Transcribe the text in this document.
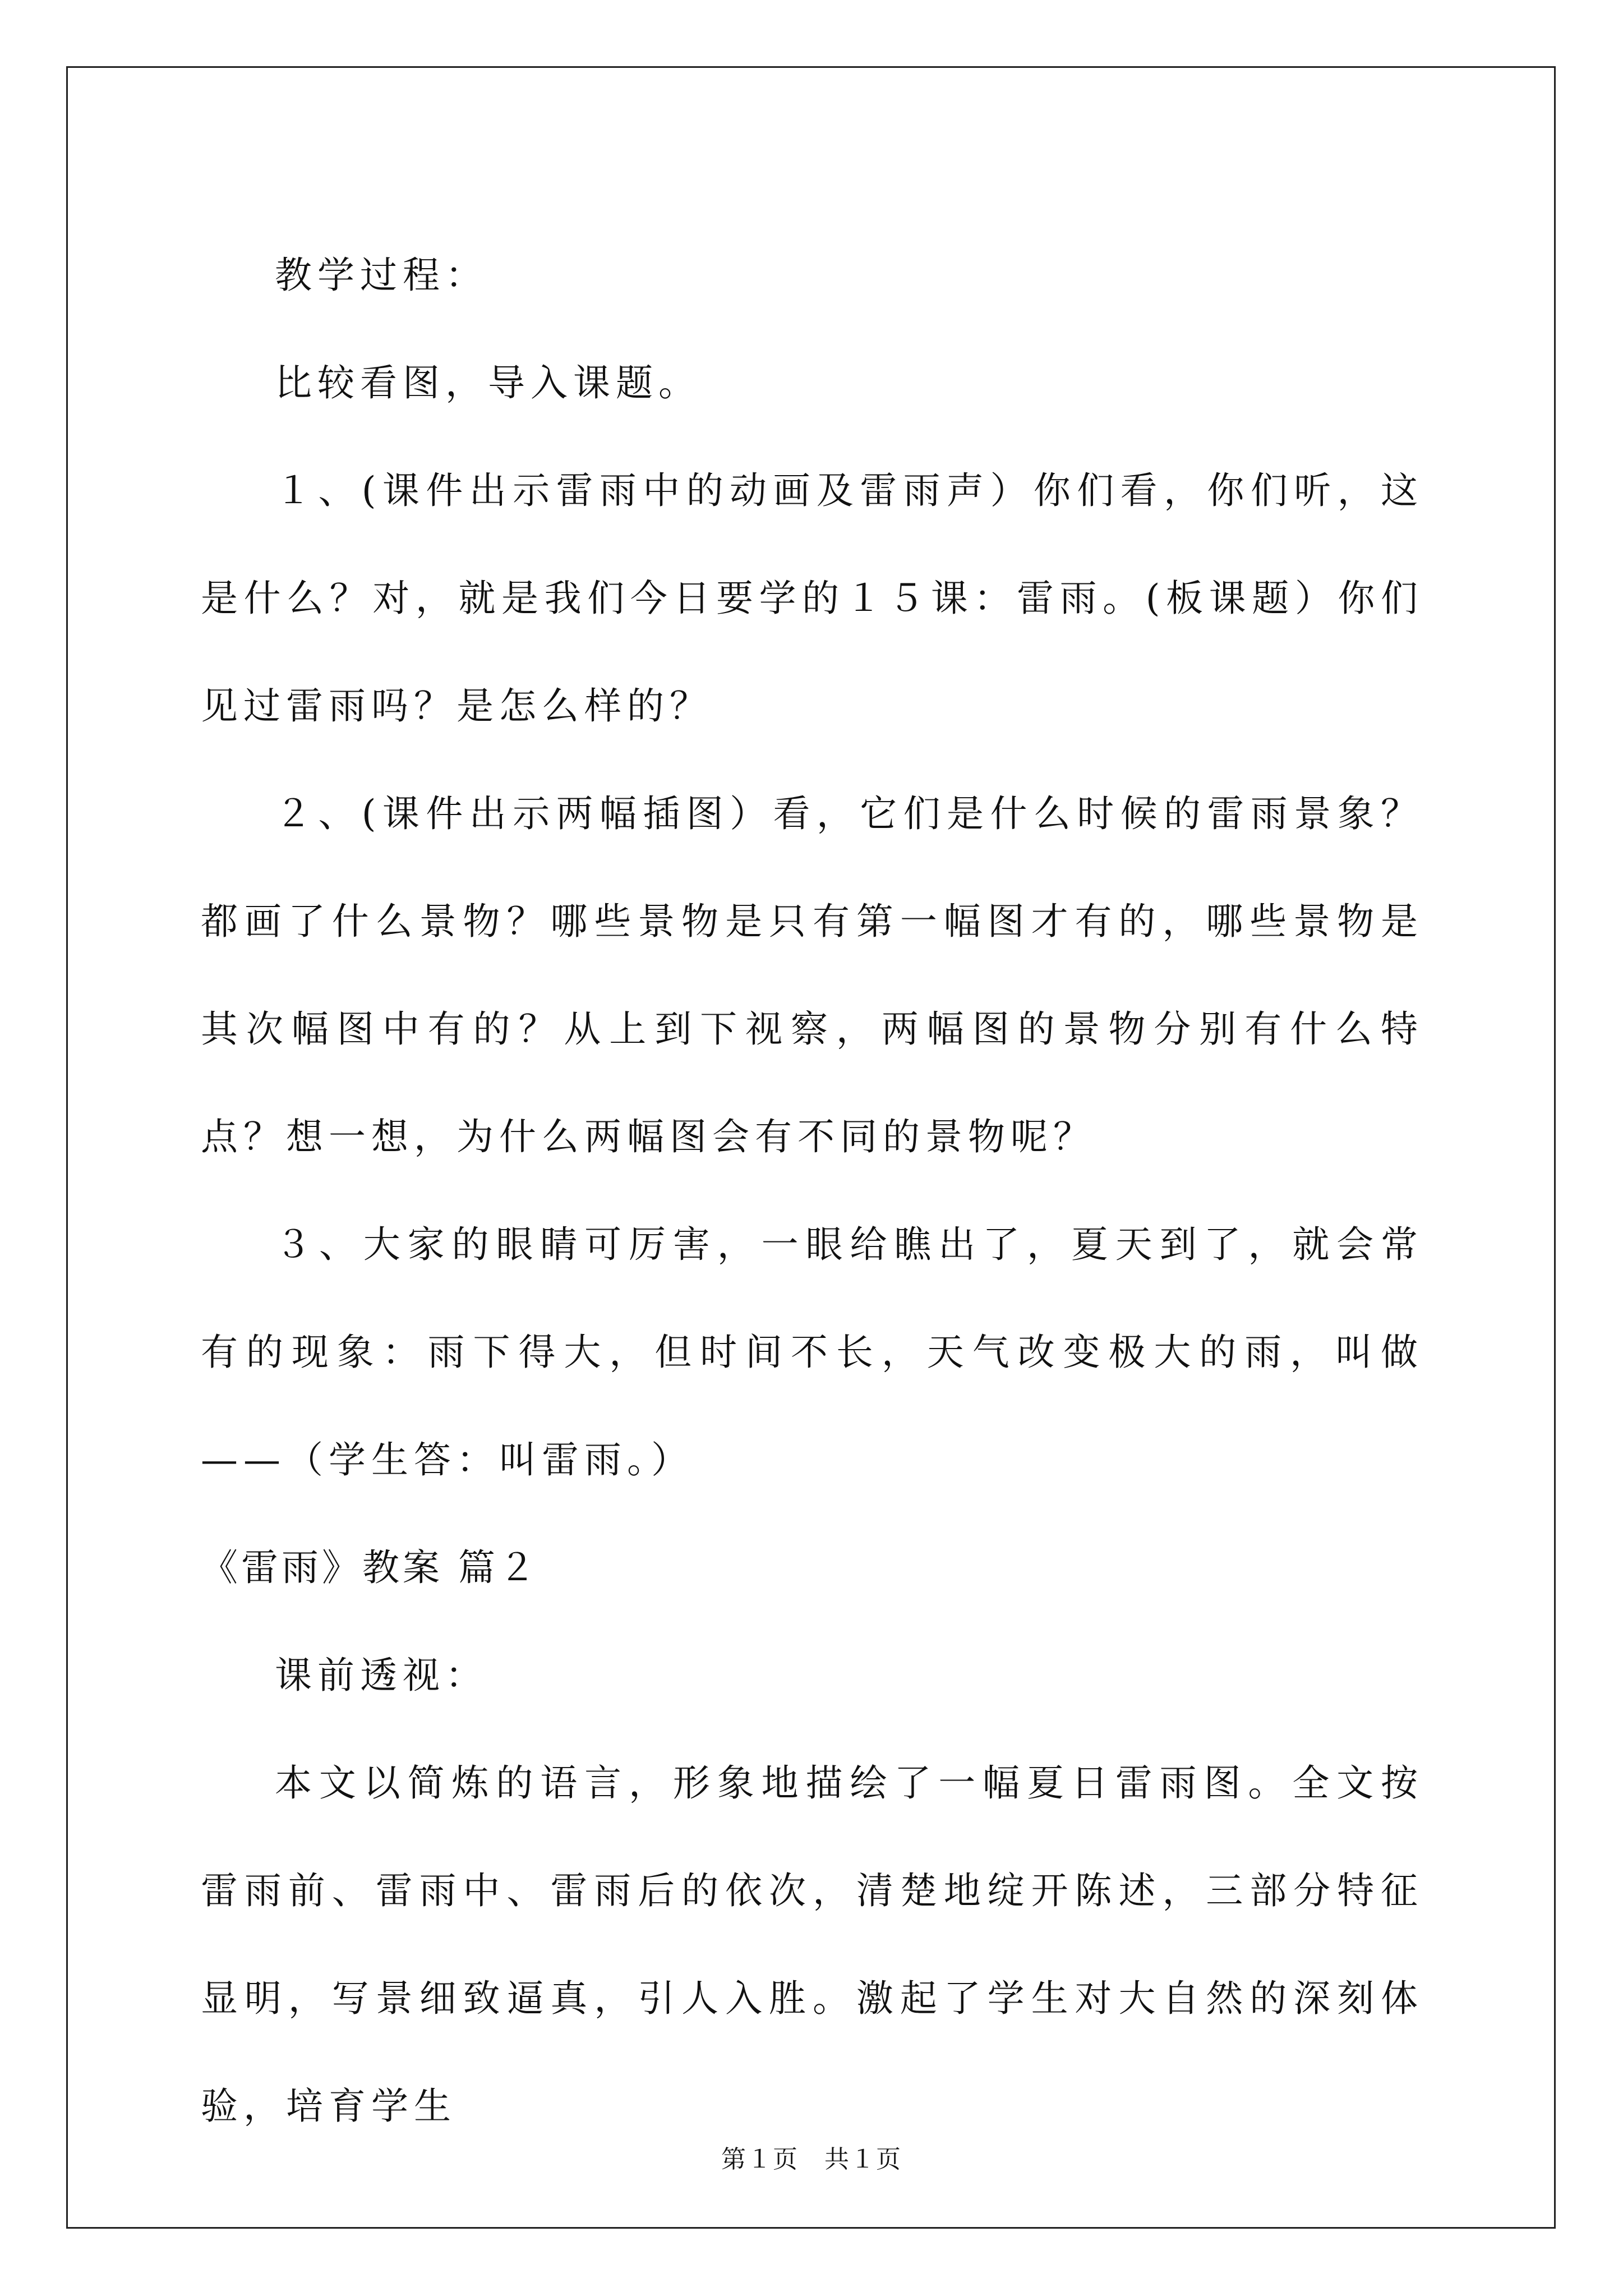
教学过程：

比较看图，导入课题。

１、(课件出示雷雨中的动画及雷雨声）你们看，你们听，这是什么？对，就是我们今日要学的１５课：雷雨。(板课题）你们见过雷雨吗？是怎么样的？

２、(课件出示两幅插图）看，它们是什么时候的雷雨景象？都画了什么景物？哪些景物是只有第一幅图才有的，哪些景物是其次幅图中有的？从上到下视察，两幅图的景物分别有什么特点？想一想，为什么两幅图会有不同的景物呢？

３、大家的眼睛可厉害，一眼给瞧出了，夏天到了，就会常有的现象：雨下得大，但时间不长，天气改变极大的雨，叫做——（学生答：叫雷雨。）

《雷雨》教案 篇２

课前透视：

本文以简炼的语言，形象地描绘了一幅夏日雷雨图。全文按雷雨前、雷雨中、雷雨后的依次，清楚地绽开陈述，三部分特征显明，写景细致逼真，引人入胜。激起了学生对大自然的深刻体验，培育学生

第１页　共１页
